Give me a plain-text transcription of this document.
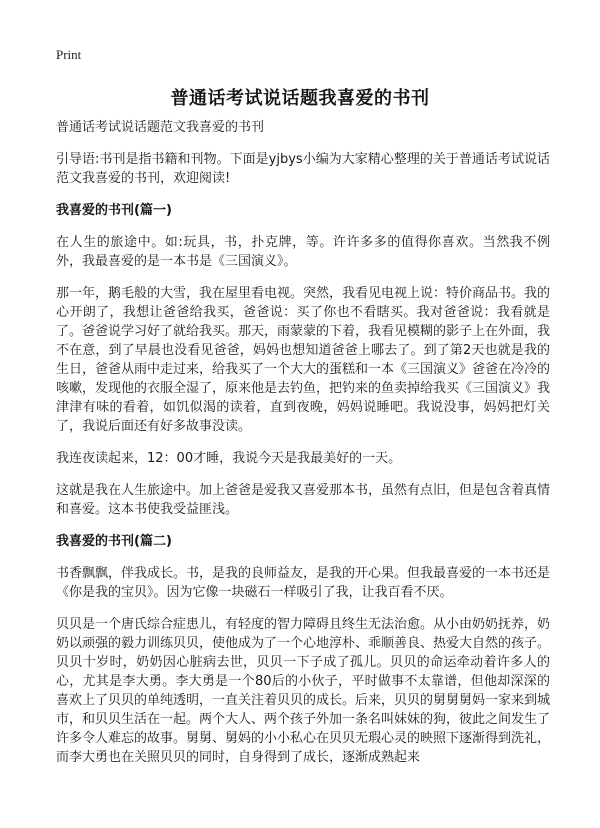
Print
普通话考试说话题我喜爱的书刊

普通话考试说话题范文我喜爱的书刊

引导语:书刊是指书籍和刊物。下面是yjbys小编为大家精心整理的关于普通话考试说话范文我喜爱的书刊，欢迎阅读!

我喜爱的书刊(篇一)

在人生的旅途中。如:玩具，书，扑克牌，等。许许多多的值得你喜欢。当然我不例外，我最喜爱的是一本书是《三国演义》。

那一年，鹅毛般的大雪，我在屋里看电视。突然，我看见电视上说：特价商品书。我的心开朗了，我想让爸爸给我买，爸爸说：买了你也不看瞎买。我对爸爸说：我看就是了。爸爸说学习好了就给我买。那天，雨蒙蒙的下着，我看见模糊的影子上在外面，我不在意，到了早晨也没看见爸爸，妈妈也想知道爸爸上哪去了。到了第2天也就是我的生日，爸爸从雨中走过来，给我买了一个大大的蛋糕和一本《三国演义》爸爸在冷冷的咳嗽，发现他的衣服全湿了，原来他是去钓鱼，把钓来的鱼卖掉给我买《三国演义》我津津有味的看着，如饥似渴的读着，直到夜晚，妈妈说睡吧。我说没事，妈妈把灯关了，我说后面还有好多故事没读。

我连夜读起来，12：00才睡，我说今天是我最美好的一天。

这就是我在人生旅途中。加上爸爸是爱我又喜爱那本书，虽然有点旧，但是包含着真情和喜爱。这本书使我受益匪浅。

我喜爱的书刊(篇二)

书香飘飘，伴我成长。书，是我的良师益友，是我的开心果。但我最喜爱的一本书还是《你是我的宝贝》。因为它像一块磁石一样吸引了我，让我百看不厌。

贝贝是一个唐氏综合症患儿，有轻度的智力障碍且终生无法治愈。从小由奶奶抚养，奶奶以顽强的毅力训练贝贝，使他成为了一个心地淳朴、乖顺善良、热爱大自然的孩子。贝贝十岁时，奶奶因心脏病去世，贝贝一下子成了孤儿。贝贝的命运牵动着许多人的心，尤其是李大勇。李大勇是一个80后的小伙子，平时做事不太靠谱，但他却深深的喜欢上了贝贝的单纯透明，一直关注着贝贝的成长。后来，贝贝的舅舅舅妈一家来到城市，和贝贝生活在一起。两个大人、两个孩子外加一条名叫妹妹的狗，彼此之间发生了许多令人难忘的故事。舅舅、舅妈的小小私心在贝贝无瑕心灵的映照下逐渐得到洗礼，而李大勇也在关照贝贝的同时，自身得到了成长，逐渐成熟起来
